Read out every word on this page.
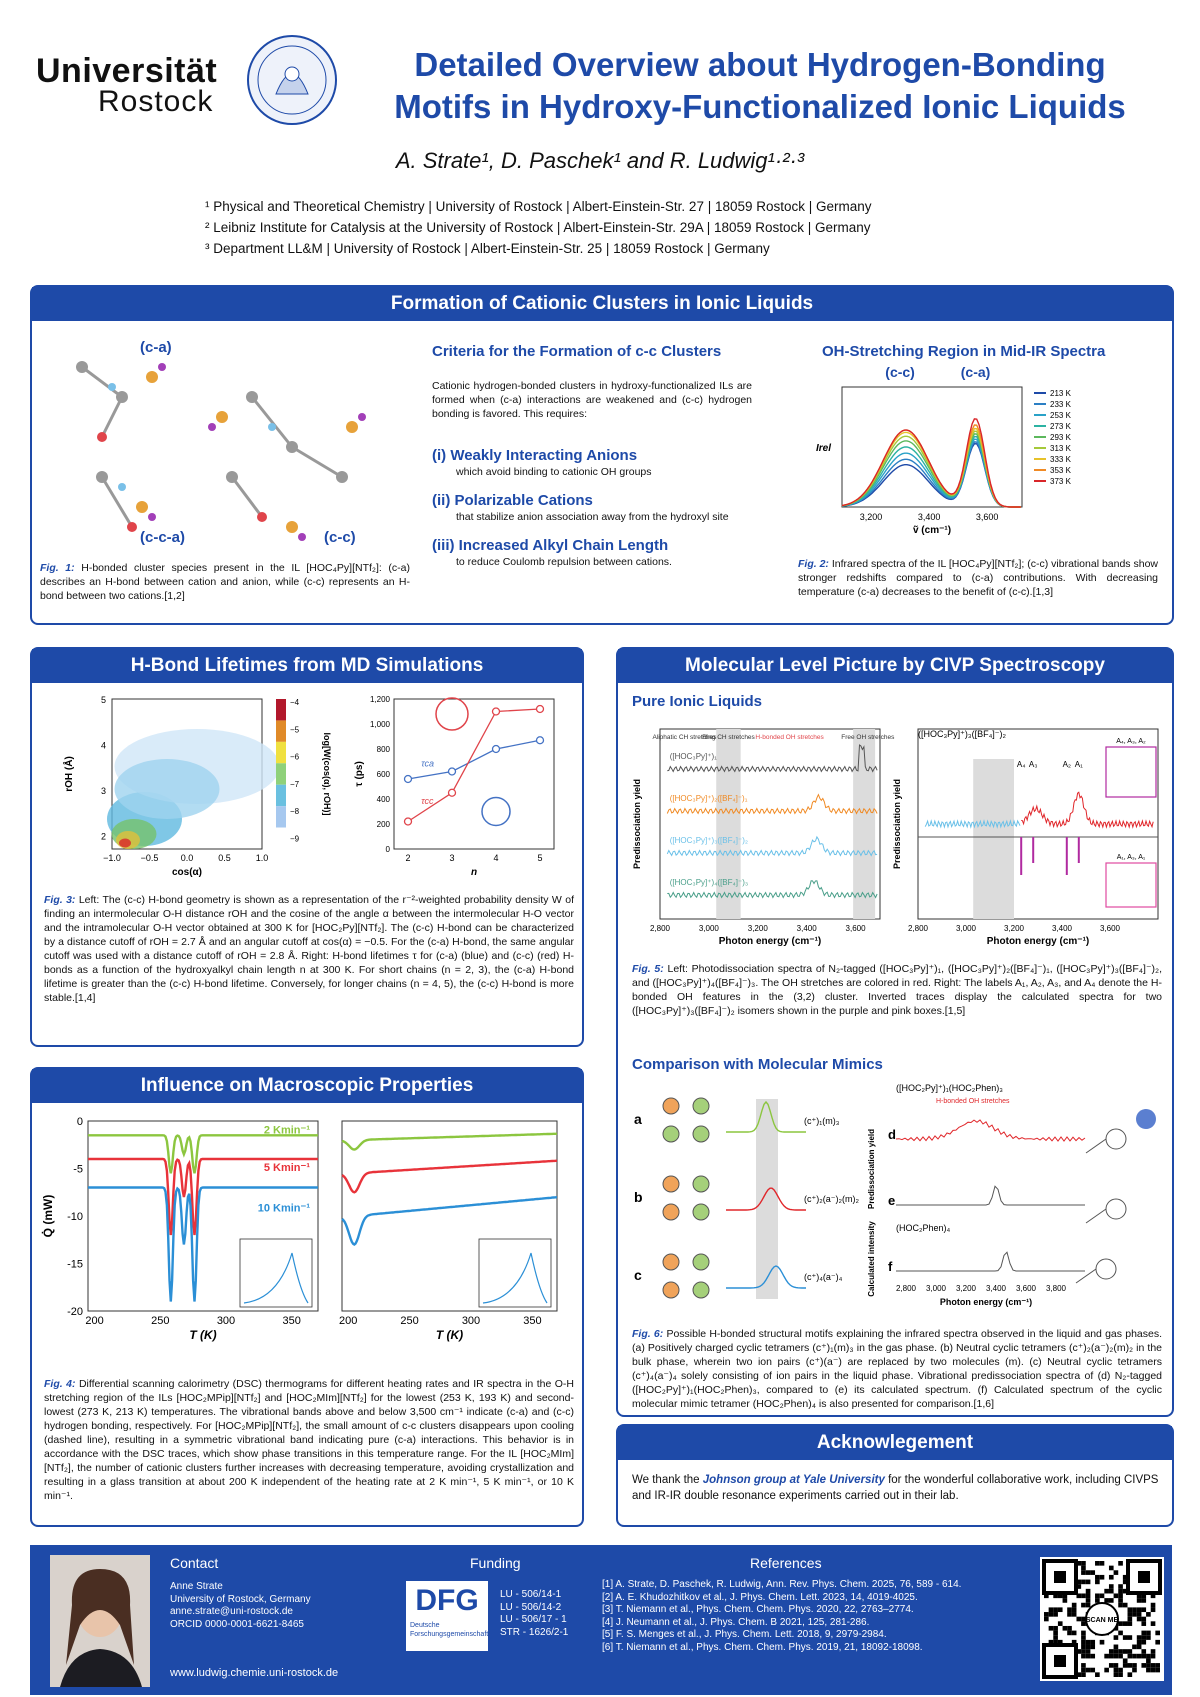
Universität
Rostock
Detailed Overview about Hydrogen-Bonding
Motifs in Hydroxy-Functionalized Ionic Liquids
A. Strate¹, D. Paschek¹ and R. Ludwig¹·²·³
¹ Physical and Theoretical Chemistry | University of Rostock | Albert-Einstein-Str. 27 | 18059 Rostock | Germany
² Leibniz Institute for Catalysis at the University of Rostock | Albert-Einstein-Str. 29A | 18059 Rostock | Germany
³ Department LL&M | University of Rostock | Albert-Einstein-Str. 25 | 18059 Rostock | Germany
Formation of Cationic Clusters in Ionic Liquids
(c-a)
(c-c-a)	(c-c)
Fig. 1: H-bonded cluster species present in the IL [HOC₄Py][NTf₂]: (c-a) describes an H-bond between cation and anion, while (c-c) represents an H-bond between two cations.[1,2]
Criteria for the Formation of c-c Clusters
Cationic hydrogen-bonded clusters in hydroxy-functionalized ILs are formed when (c-a) interactions are weakened and (c-c) hydrogen bonding is favored. This requires:
(i) Weakly Interacting Anions
which avoid binding to cationic OH groups
(ii) Polarizable Cations
that stabilize anion association away from the hydroxyl site
(iii) Increased Alkyl Chain Length
to reduce Coulomb repulsion between cations.
OH-Stretching Region in Mid-IR Spectra
3,200	3,400	3,600
ṽ (cm⁻¹)
Irel
(c-c)	(c-a)
213 K
233 K
253 K
273 K
293 K
313 K
333 K
353 K
373 K
Fig. 2: Infrared spectra of the IL [HOC₄Py][NTf₂]; (c-c) vibrational bands show stronger redshifts compared to (c-a) contributions. With decreasing temperature (c-a) decreases to the benefit of (c-c).[1,3]
H-Bond Lifetimes from MD Simulations
−1.0 −0.5 0.0	0.5	1.0
5
4
3
2
cos(α)
rOH (Å)
−4
−5
−6
−7
−8
−9
log[W(cos(α), rOH)]
0
200
400
600
800
1,000
1,200
2	3	4	5
n
τ (ps)	τca
τcc
Fig. 3: Left: The (c-c) H-bond geometry is shown as a representation of the r⁻²-weighted probability density W of finding an intermolecular O-H distance rOH and the cosine of the angle α between the intermolecular H-O vector and the intramolecular O-H vector obtained at 300 K for [HOC₂Py][NTf₂]. The (c-c) H-bond can be characterized by a distance cutoff of rOH = 2.7 Å and an angular cutoff at cos(α) = −0.5. For the (c-a) H-bond, the same angular cutoff was used with a distance cutoff of rOH = 2.8 Å. Right: H-bond lifetimes τ for (c-a) (blue) and (c-c) (red) H-bonds as a function of the hydroxyalkyl chain length n at 300 K. For short chains (n = 2, 3), the (c-a) H-bond lifetime is greater than the (c-c) H-bond lifetime. Conversely, for longer chains (n = 4, 5), the (c-c) H-bond is more stable.[1,4]
Influence on Macroscopic Properties
200	250	300	350
T (K)
0
-5
-10
-15
-20
Q̇ (mW)
2 Kmin⁻¹
5 Kmin⁻¹
10 Kmin⁻¹
200	250	300	350
T (K)
Fig. 4: Differential scanning calorimetry (DSC) thermograms for different heating rates and IR spectra in the O-H stretching region of the ILs [HOC₂MPip][NTf₂] and [HOC₂MIm][NTf₂] for the lowest (253 K, 193 K) and second-lowest (273 K, 213 K) temperatures. The vibrational bands above and below 3,500 cm⁻¹ indicate (c-a) and (c-c) hydrogen bonding, respectively. For [HOC₂MPip][NTf₂], the small amount of c-c clusters disappears upon cooling (dashed line), resulting in a symmetric vibrational band indicating pure (c-a) interactions. This behavior is in accordance with the DSC traces, which show phase transitions in this temperature range. For the IL [HOC₂MIm][NTf₂], the number of cationic clusters further increases with decreasing temperature, avoiding crystallization and resulting in a glass transition at about 200 K independent of the heating rate at 2 K min⁻¹, 5 K min⁻¹, or 10 K min⁻¹.
Molecular Level Picture by CIVP Spectroscopy
Pure Ionic Liquids
Aliphatic CH stretches
Ring CH stretches H-bonded OH stretches	Free OH stretches
([HOC₃Py]⁺)₁
([HOC₃Py]⁺)₂([BF₄]⁻)₁
([HOC₃Py]⁺)₃([BF₄]⁻)₂
([HOC₃Py]⁺)₄([BF₄]⁻)₃
2,800	3,000	3,200	3,400	3,600
Photon energy (cm⁻¹)
Predissociation yield
([HOC₃Py]⁺)₃([BF₄]⁻)₂
A₄ A₃	A₂ A₁
A₄, A₃, A₂
A₁, A₃, A₁
2,800	3,000	3,200	3,400	3,600
Photon energy (cm⁻¹)
Predissociation yield
Fig. 5: Left: Photodissociation spectra of N₂-tagged ([HOC₃Py]⁺)₁, ([HOC₃Py]⁺)₂([BF₄]⁻)₁, ([HOC₃Py]⁺)₃([BF₄]⁻)₂, and ([HOC₃Py]⁺)₄([BF₄]⁻)₃. The OH stretches are colored in red. Right: The labels A₁, A₂, A₃, and A₄ denote the H-bonded OH features in the (3,2) cluster. Inverted traces display the calculated spectra for two ([HOC₃Py]⁺)₃([BF₄]⁻)₂ isomers shown in the purple and pink boxes.[1,5]
Comparison with Molecular Mimics
a	(c⁺)₁(m)₃
b	(c⁺)₂(a⁻)₂(m)₂
c	(c⁺)₄(a⁻)₄
([HOC₂Py]⁺)₁(HOC₂Phen)₃
H-bonded OH stretches
d
e
f
(HOC₂Phen)₄
Predissociation yield
Calculated intensity 2,800 3,000 3,200 3,400 3,600 3,800
Photon energy (cm⁻¹)
Fig. 6: Possible H-bonded structural motifs explaining the infrared spectra observed in the liquid and gas phases. (a) Positively charged cyclic tetramers (c⁺)₁(m)₃ in the gas phase. (b) Neutral cyclic tetramers (c⁺)₂(a⁻)₂(m)₂ in the bulk phase, wherein two ion pairs (c⁺)(a⁻) are replaced by two molecules (m). (c) Neutral cyclic tetramers (c⁺)₄(a⁻)₄ solely consisting of ion pairs in the liquid phase. Vibrational predissociation spectra of (d) N₂-tagged ([HOC₂Py]⁺)₁(HOC₂Phen)₃, compared to (e) its calculated spectrum. (f) Calculated spectrum of the cyclic molecular mimic tetramer (HOC₂Phen)₄ is also presented for comparison.[1,6]
Acknowlegement
We thank the Johnson group at Yale University for the wonderful collaborative work, including CIVPS and IR-IR double resonance experiments carried out in their lab.
Contact
Anne Strate
University of Rostock, Germany
anne.strate@uni-rostock.de
ORCID 0000-0001-6621-8465
www.ludwig.chemie.uni-rostock.de
Funding
DFG
Deutsche
Forschungsgemeinschaft
LU - 506/14-1
LU - 506/14-2
LU - 506/17 - 1
STR - 1626/2-1
References
[1] A. Strate, D. Paschek, R. Ludwig, Ann. Rev. Phys. Chem. 2025, 76, 589 - 614.
[2] A. E. Khudozhitkov et al., J. Phys. Chem. Lett. 2023, 14, 4019-4025.
[3] T. Niemann et al., Phys. Chem. Chem. Phys. 2020, 22, 2763–2774.
[4] J. Neumann et al., J. Phys. Chem. B 2021, 125, 281-286.
[5] F. S. Menges et al., J. Phys. Chem. Lett. 2018, 9, 2979-2984.
[6] T. Niemann et al., Phys. Chem. Chem. Phys. 2019, 21, 18092-18098.
SCAN ME
